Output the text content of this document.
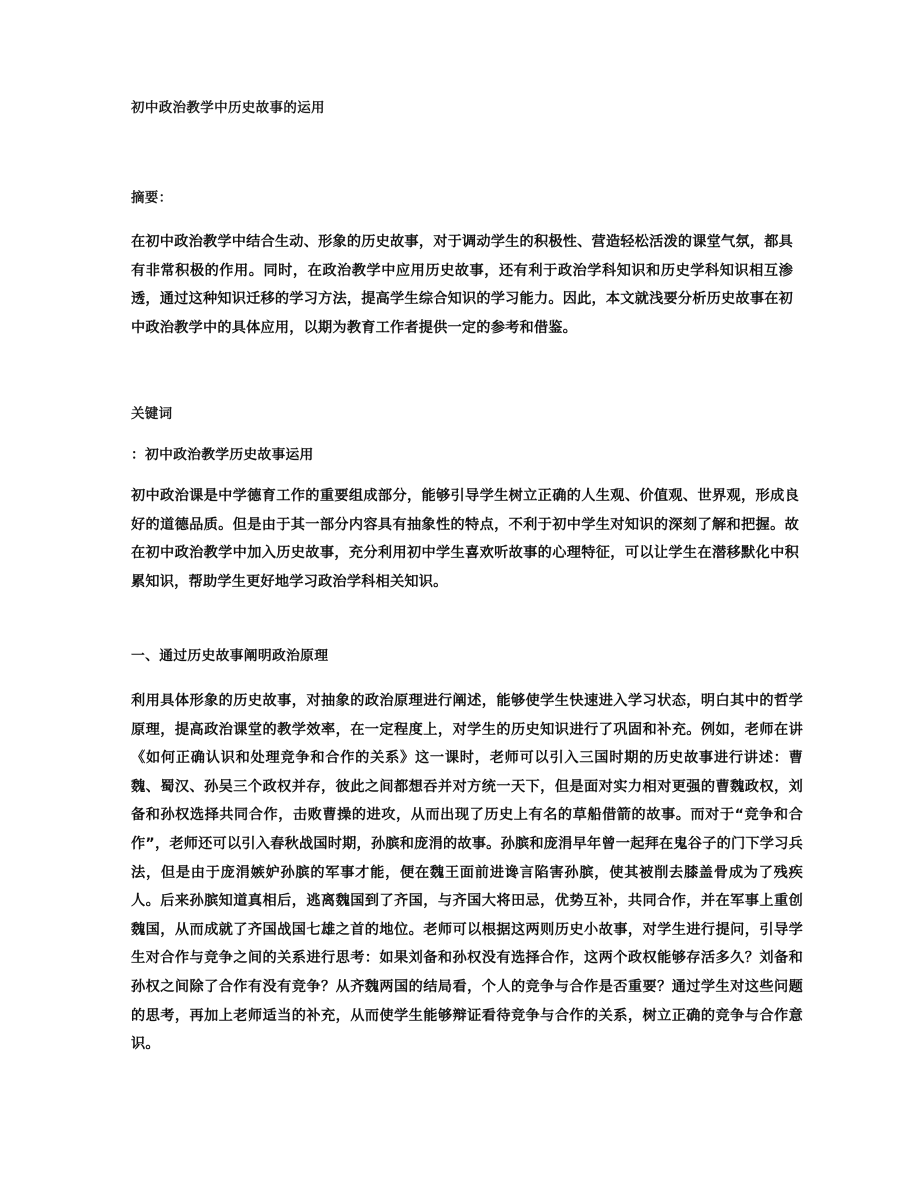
初中政治教学中历史故事的运用

摘要：

在初中政治教学中结合生动、形象的历史故事，对于调动学生的积极性、营造轻松活泼的课堂气氛，都具有非常积极的作用。同时，在政治教学中应用历史故事，还有利于政治学科知识和历史学科知识相互渗透，通过这种知识迁移的学习方法，提高学生综合知识的学习能力。因此，本文就浅要分析历史故事在初中政治教学中的具体应用，以期为教育工作者提供一定的参考和借鉴。

关键词

：初中政治教学历史故事运用

初中政治课是中学德育工作的重要组成部分，能够引导学生树立正确的人生观、价值观、世界观，形成良好的道德品质。但是由于其一部分内容具有抽象性的特点，不利于初中学生对知识的深刻了解和把握。故在初中政治教学中加入历史故事，充分利用初中学生喜欢听故事的心理特征，可以让学生在潜移默化中积累知识，帮助学生更好地学习政治学科相关知识。

一、通过历史故事阐明政治原理

利用具体形象的历史故事，对抽象的政治原理进行阐述，能够使学生快速进入学习状态，明白其中的哲学原理，提高政治课堂的教学效率，在一定程度上，对学生的历史知识进行了巩固和补充。例如，老师在讲《如何正确认识和处理竞争和合作的关系》这一课时，老师可以引入三国时期的历史故事进行讲述：曹魏、蜀汉、孙吴三个政权并存，彼此之间都想吞并对方统一天下，但是面对实力相对更强的曹魏政权，刘备和孙权选择共同合作，击败曹操的进攻，从而出现了历史上有名的草船借箭的故事。而对于“竞争和合作”，老师还可以引入春秋战国时期，孙膑和庞涓的故事。孙膑和庞涓早年曾一起拜在鬼谷子的门下学习兵法，但是由于庞涓嫉妒孙膑的军事才能，便在魏王面前进谗言陷害孙膑，使其被削去膝盖骨成为了残疾人。后来孙膑知道真相后，逃离魏国到了齐国，与齐国大将田忌，优势互补，共同合作，并在军事上重创魏国，从而成就了齐国战国七雄之首的地位。老师可以根据这两则历史小故事，对学生进行提问，引导学生对合作与竞争之间的关系进行思考：如果刘备和孙权没有选择合作，这两个政权能够存活多久？刘备和孙权之间除了合作有没有竞争？从齐魏两国的结局看，个人的竞争与合作是否重要？通过学生对这些问题的思考，再加上老师适当的补充，从而使学生能够辩证看待竞争与合作的关系，树立正确的竞争与合作意识。
